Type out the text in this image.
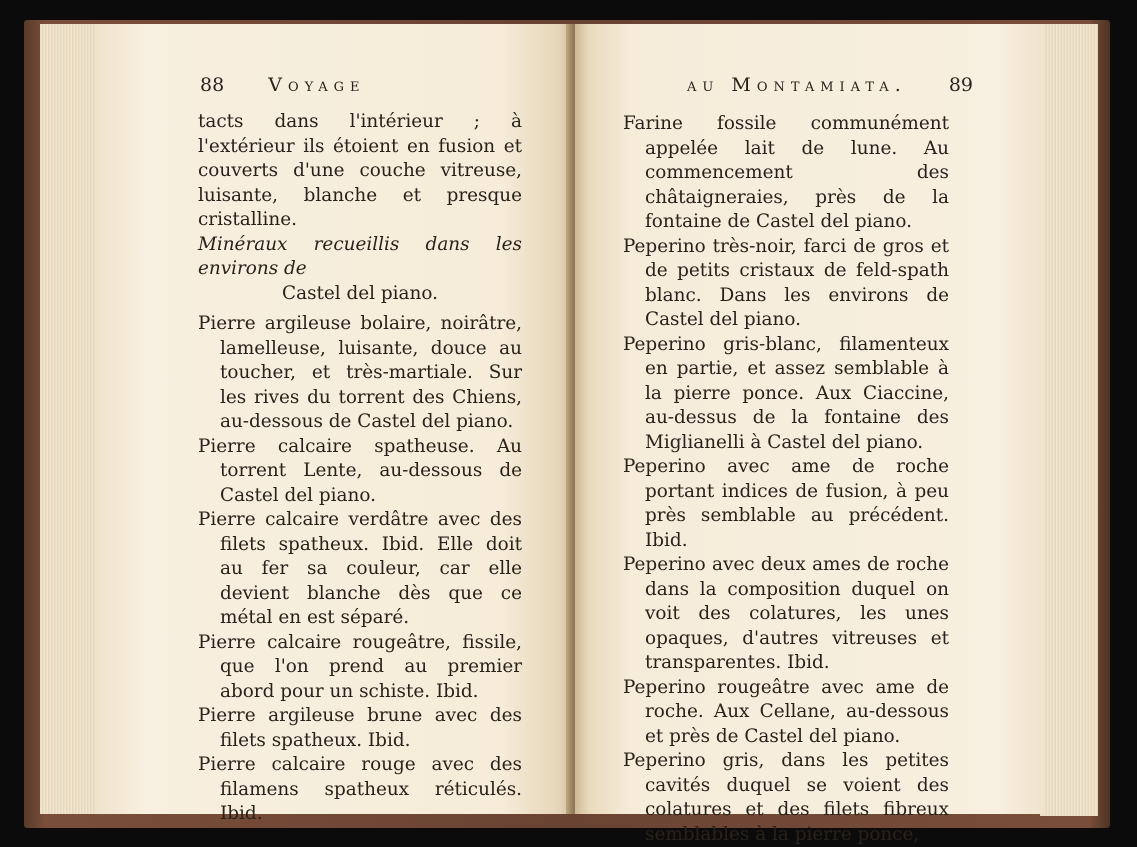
88 Voyage

tacts dans l'intérieur ; à l'extérieur ils étoient en fusion et couverts d'une couche vitreuse, luisante, blanche et presque cristalline.

Minéraux recueillis dans les environs de

Castel del piano.

Pierre argileuse bolaire, noirâtre, lamelleuse, luisante, douce au toucher, et très-martiale. Sur les rives du torrent des Chiens, au-dessous de Castel del piano.

Pierre calcaire spatheuse. Au torrent Lente, au-dessous de Castel del piano.

Pierre calcaire verdâtre avec des filets spatheux. Ibid. Elle doit au fer sa couleur, car elle devient blanche dès que ce métal en est séparé.

Pierre calcaire rougeâtre, fissile, que l'on prend au premier abord pour un schiste. Ibid.

Pierre argileuse brune avec des filets spatheux. Ibid.

Pierre calcaire rouge avec des filamens spatheux réticulés. Ibid.

au Montamiata. 89

Farine fossile communément appelée lait de lune. Au commencement des châtaigneraies, près de la fontaine de Castel del piano.

Peperino très-noir, farci de gros et de petits cristaux de feld-spath blanc. Dans les environs de Castel del piano.

Peperino gris-blanc, filamenteux en partie, et assez semblable à la pierre ponce. Aux Ciaccine, au-dessus de la fontaine des Miglianelli à Castel del piano.

Peperino avec ame de roche portant indices de fusion, à peu près semblable au précédent. Ibid.

Peperino avec deux ames de roche dans la composition duquel on voit des colatures, les unes opaques, d'autres vitreuses et transparentes. Ibid.

Peperino rougeâtre avec ame de roche. Aux Cellane, au-dessous et près de Castel del piano.

Peperino gris, dans les petites cavités duquel se voient des colatures et des filets fibreux semblables à la pierre ponce,
